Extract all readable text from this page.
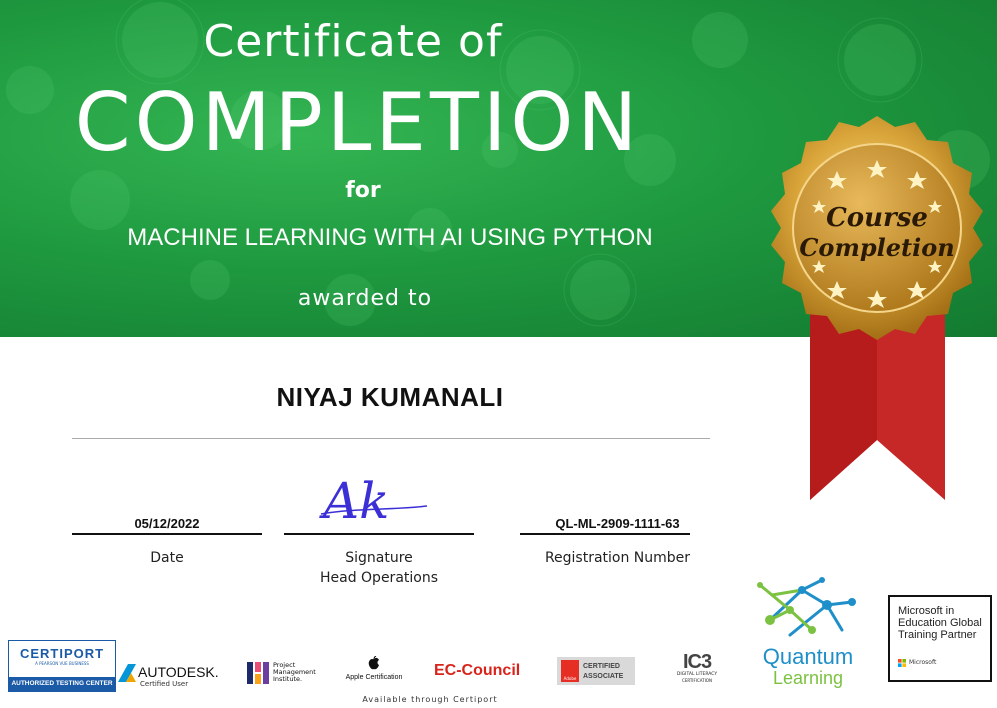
Certificate of
COMPLETION
for
MACHINE LEARNING WITH AI USING PYTHON
awarded to
Course
Completion
NIYAJ KUMANALI
05/12/2022
Date
Ak
Signature
Head Operations
QL-ML-2909-1111-63
Registration Number
CERTIPORT
A PEARSON VUE BUSINESS
AUTHORIZED TESTING CENTER
AUTODESK.
Certified User
Project
Management
Institute.	Apple Certification	EC-Council	Adobe
CERTIFIED
ASSOCIATE
IC3
DIGITAL LITERACY
CERTIFICATION
Quantum
Learning
Microsoft in
Education Global
Training Partner
Microsoft
Available through Certiport
